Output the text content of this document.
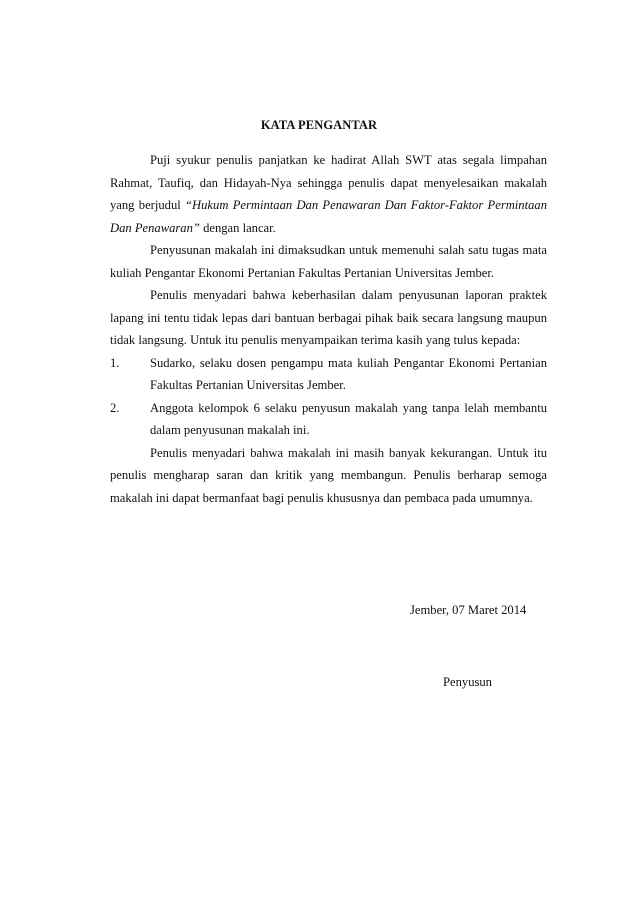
KATA PENGANTAR

Puji syukur penulis panjatkan ke hadirat Allah SWT atas segala limpahan Rahmat, Taufiq, dan Hidayah-Nya sehingga penulis dapat menyelesaikan makalah yang berjudul “Hukum Permintaan Dan Penawaran Dan Faktor-Faktor Permintaan Dan Penawaran” dengan lancar.

Penyusunan makalah ini dimaksudkan untuk memenuhi salah satu tugas mata kuliah Pengantar Ekonomi Pertanian Fakultas Pertanian Universitas Jember.

Penulis menyadari bahwa keberhasilan dalam penyusunan laporan praktek lapang ini tentu tidak lepas dari bantuan berbagai pihak baik secara langsung maupun tidak langsung. Untuk itu penulis menyampaikan terima kasih yang tulus kepada:

1.	Sudarko, selaku dosen pengampu mata kuliah Pengantar Ekonomi Pertanian Fakultas Pertanian Universitas Jember.
2.	Anggota kelompok 6 selaku penyusun makalah yang tanpa lelah membantu dalam penyusunan makalah ini.

Penulis menyadari bahwa makalah ini masih banyak kekurangan. Untuk itu penulis mengharap saran dan kritik yang membangun. Penulis berharap semoga makalah ini dapat bermanfaat bagi penulis khususnya dan pembaca pada umumnya.

Jember, 07 Maret 2014

Penyusun
